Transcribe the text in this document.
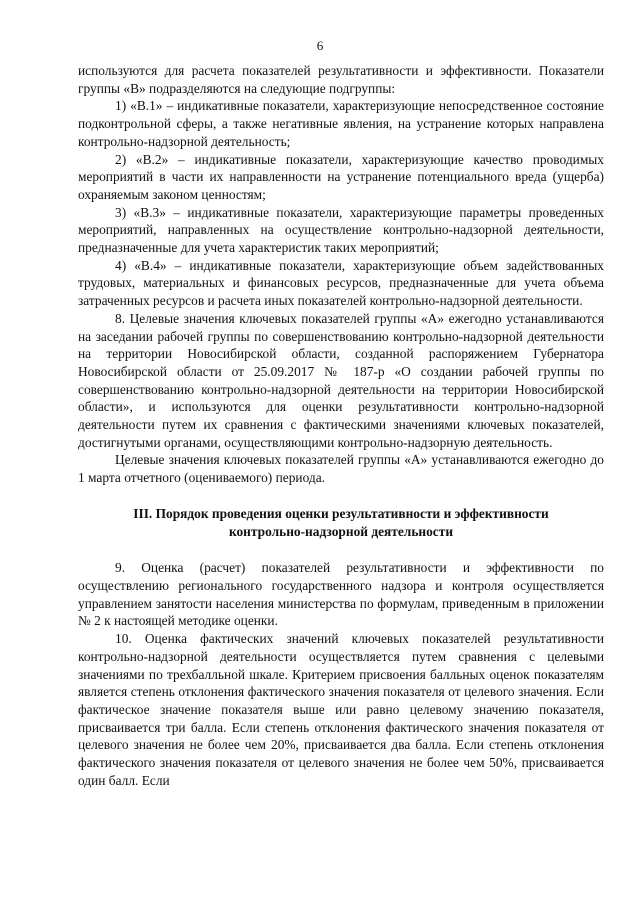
6

используются для расчета показателей результативности и эффективности. Показатели группы «В» подразделяются на следующие подгруппы:

1) «В.1» – индикативные показатели, характеризующие непосредственное состояние подконтрольной сферы, а также негативные явления, на устранение которых направлена контрольно-надзорной деятельность;

2) «В.2» – индикативные показатели, характеризующие качество проводимых мероприятий в части их направленности на устранение потенциального вреда (ущерба) охраняемым законом ценностям;

3) «В.3» – индикативные показатели, характеризующие параметры проведенных мероприятий, направленных на осуществление контрольно-надзорной деятельности, предназначенные для учета характеристик таких мероприятий;

4) «В.4» – индикативные показатели, характеризующие объем задействованных трудовых, материальных и финансовых ресурсов, предназначенные для учета объема затраченных ресурсов и расчета иных показателей контрольно-надзорной деятельности.

8. Целевые значения ключевых показателей группы «А» ежегодно устанавливаются на заседании рабочей группы по совершенствованию контрольно-надзорной деятельности на территории Новосибирской области, созданной распоряжением Губернатора Новосибирской области от 25.09.2017 № 187-р «О создании рабочей группы по совершенствованию контрольно-надзорной деятельности на территории Новосибирской области», и используются для оценки результативности контрольно-надзорной деятельности путем их сравнения с фактическими значениями ключевых показателей, достигнутыми органами, осуществляющими контрольно-надзорную деятельность.

Целевые значения ключевых показателей группы «А» устанавливаются ежегодно до 1 марта отчетного (оцениваемого) периода.

III. Порядок проведения оценки результативности и эффективности
контрольно-надзорной деятельности

9. Оценка (расчет) показателей результативности и эффективности по осуществлению регионального государственного надзора и контроля осуществляется управлением занятости населения министерства по формулам, приведенным в приложении № 2 к настоящей методике оценки.

10. Оценка фактических значений ключевых показателей результативности контрольно-надзорной деятельности осуществляется путем сравнения с целевыми значениями по трехбалльной шкале. Критерием присвоения балльных оценок показателям является степень отклонения фактического значения показателя от целевого значения. Если фактическое значение показателя выше или равно целевому значению показателя, присваивается три балла. Если степень отклонения фактического значения показателя от целевого значения не более чем 20%, присваивается два балла. Если степень отклонения фактического значения показателя от целевого значения не более чем 50%, присваивается один балл. Если
